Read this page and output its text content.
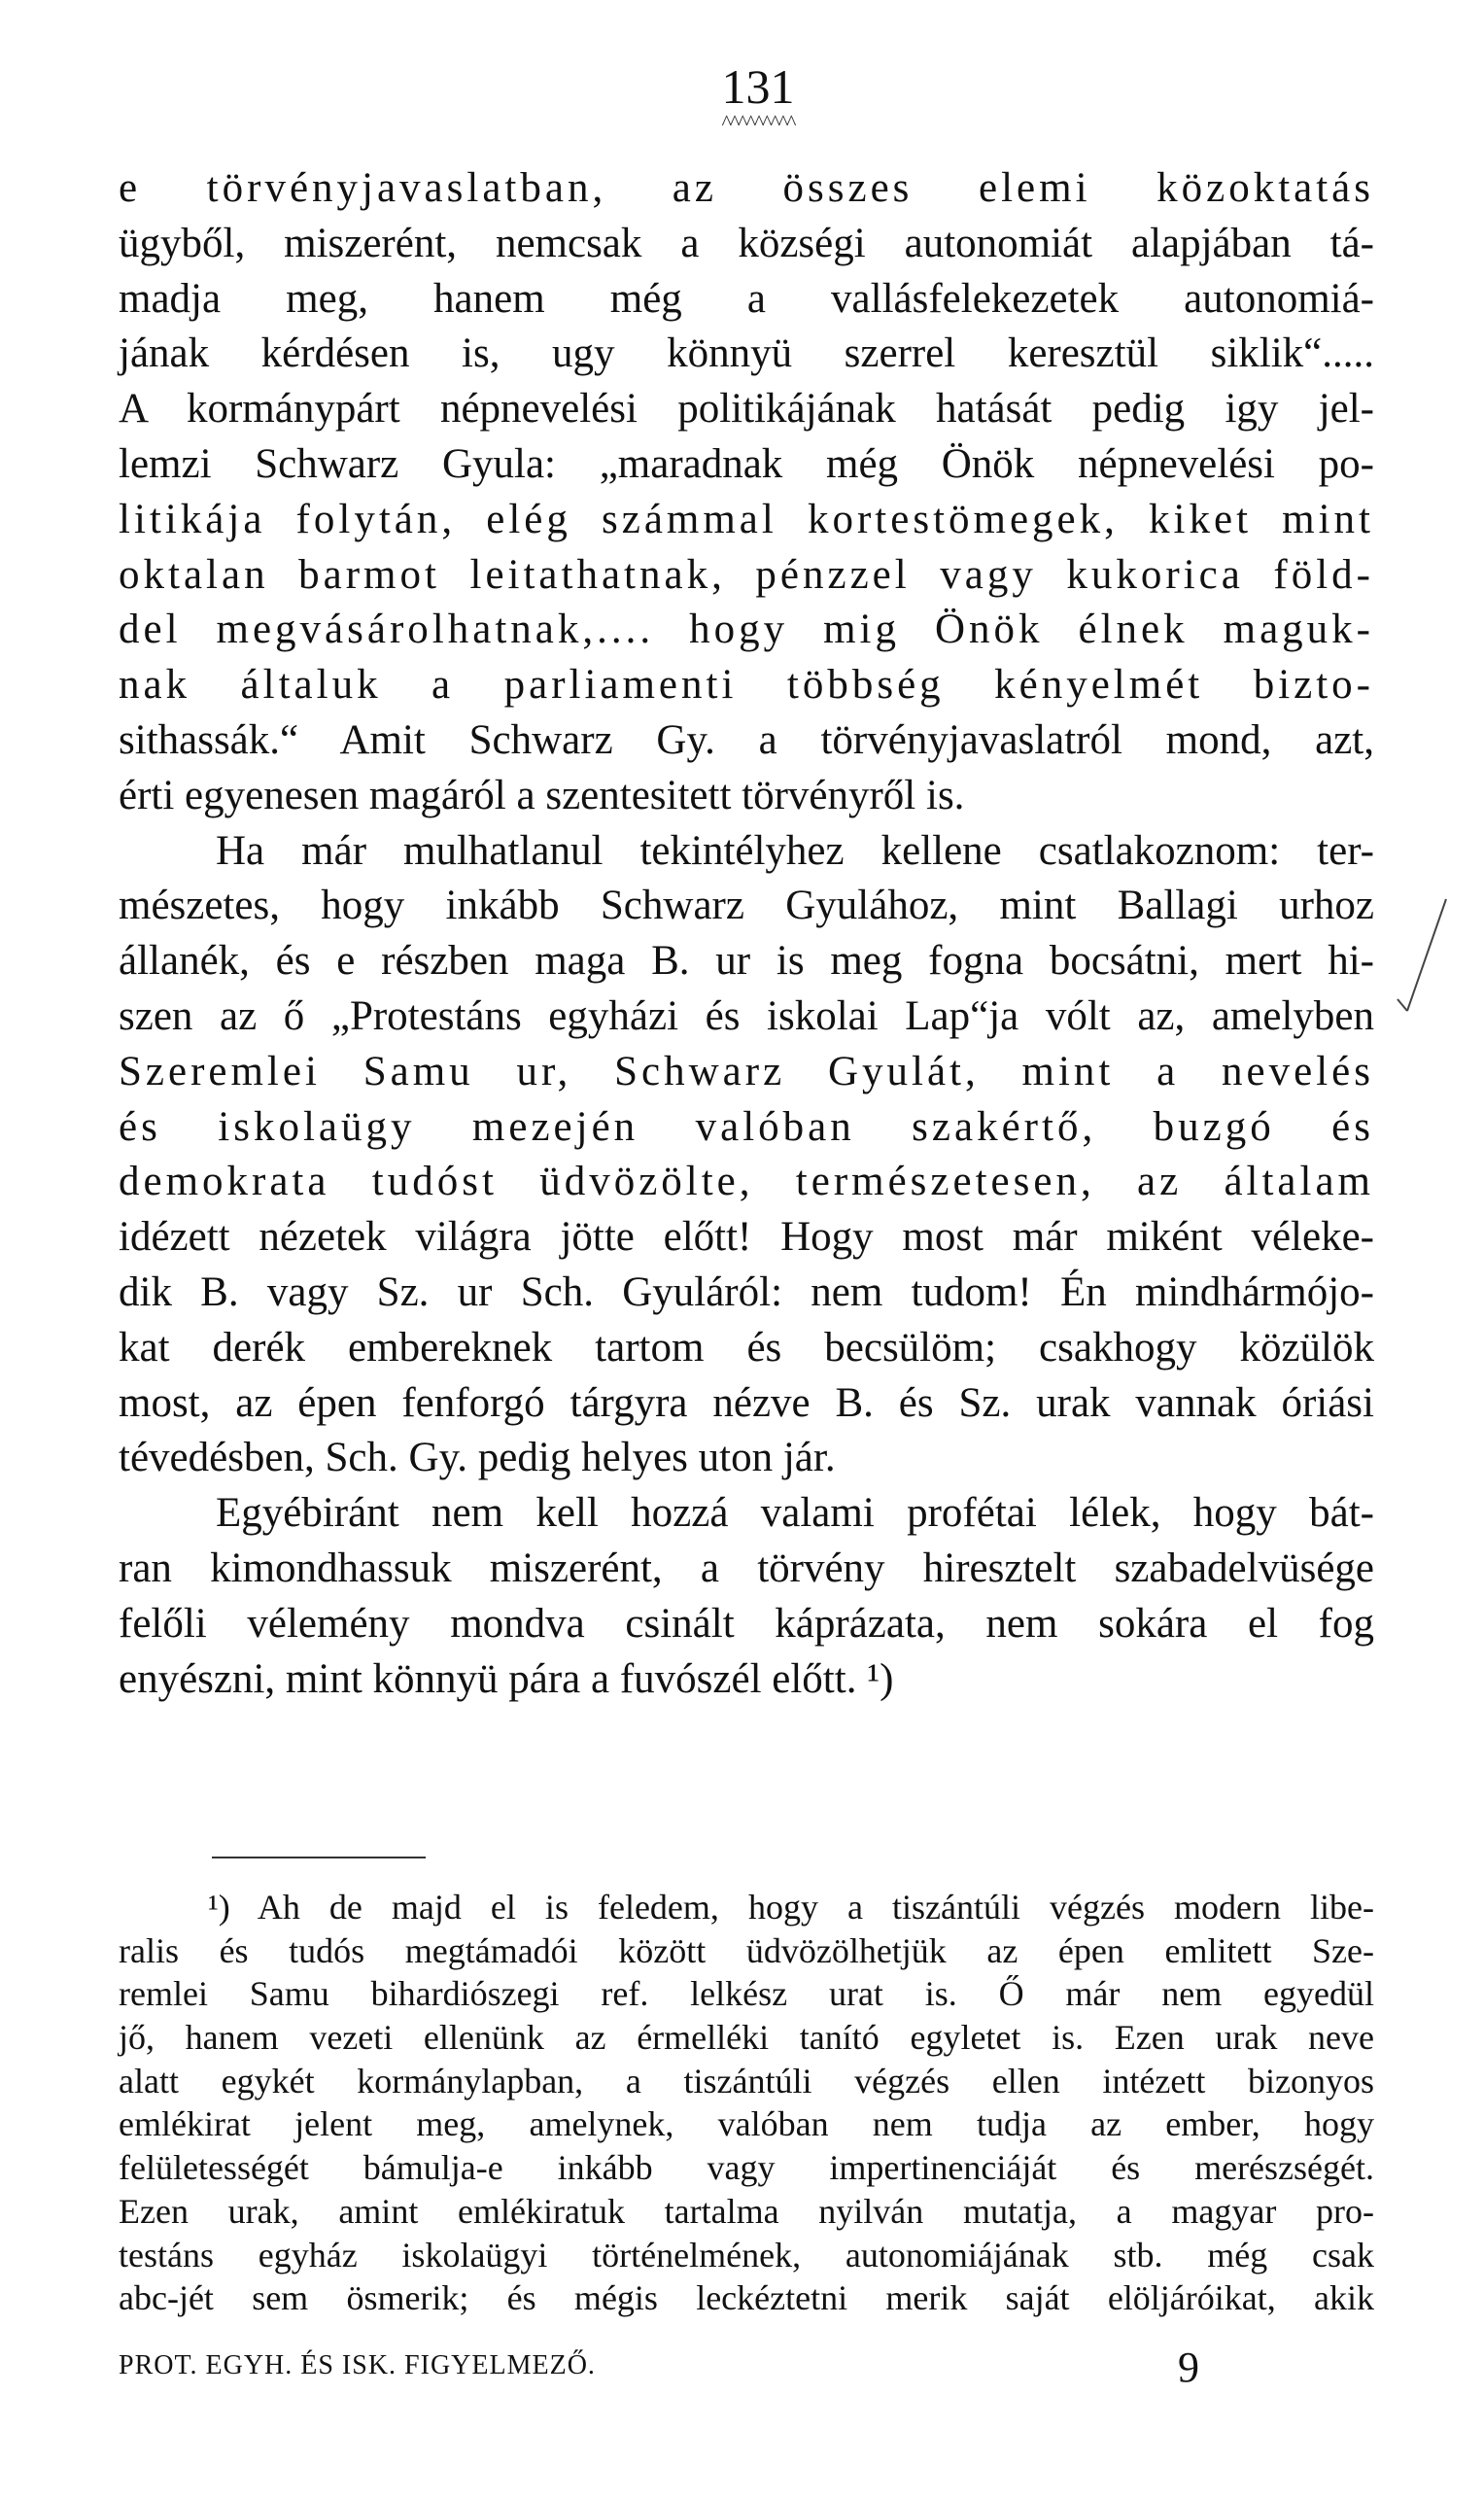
131
^^^^^^^^^
e törvényjavaslatban, az összes elemi közoktatás
ügyből, miszerént, nemcsak a községi autonomiát alapjában tá-
madja meg, hanem még a vallásfelekezetek autonomiá-
jának kérdésen is, ugy könnyü szerrel keresztül siklik“.....
A kormánypárt népnevelési politikájának hatását pedig igy jel-
lemzi Schwarz Gyula: „maradnak még Önök népnevelési po-
litikája folytán, elég számmal kortestömegek, kiket mint
oktalan barmot leitathatnak, pénzzel vagy kukorica föld-
del megvásárolhatnak,.... hogy mig Önök élnek maguk-
nak általuk a parliamenti többség kényelmét bizto-
sithassák.“ Amit Schwarz Gy. a törvényjavaslatról mond, azt,
érti egyenesen magáról a szentesitett törvényről is.
Ha már mulhatlanul tekintélyhez kellene csatlakoznom: ter-
mészetes, hogy inkább Schwarz Gyulához, mint Ballagi urhoz
állanék, és e részben maga B. ur is meg fogna bocsátni, mert hi-
szen az ő „Protestáns egyházi és iskolai Lap“ja vólt az, amelyben
Szeremlei Samu ur, Schwarz Gyulát, mint a nevelés
és iskolaügy mezején valóban szakértő, buzgó és
demokrata tudóst üdvözölte, természetesen, az általam
idézett nézetek világra jötte előtt! Hogy most már miként véleke-
dik B. vagy Sz. ur Sch. Gyuláról: nem tudom! Én mindhármójo-
kat derék embereknek tartom és becsülöm; csakhogy közülök
most, az épen fenforgó tárgyra nézve B. és Sz. urak vannak óriási
tévedésben, Sch. Gy. pedig helyes uton jár.
Egyébiránt nem kell hozzá valami profétai lélek, hogy bát-
ran kimondhassuk miszerént, a törvény hiresztelt szabadelvüsége
felőli vélemény mondva csinált káprázata, nem sokára el fog
enyészni, mint könnyü pára a fuvószél előtt. ¹)
¹) Ah de majd el is feledem, hogy a tiszántúli végzés modern libe-
ralis és tudós megtámadói között üdvözölhetjük az épen emlitett Sze-
remlei Samu bihardiószegi ref. lelkész urat is. Ő már nem egyedül
jő, hanem vezeti ellenünk az érmelléki tanító egyletet is. Ezen urak neve
alatt egykét kormánylapban, a tiszántúli végzés ellen intézett bizonyos
emlékirat jelent meg, amelynek, valóban nem tudja az ember, hogy
felületességét bámulja-e inkább vagy impertinenciáját és merészségét.
Ezen urak, amint emlékiratuk tartalma nyilván mutatja, a magyar pro-
testáns egyház iskolaügyi történelmének, autonomiájának stb. még csak
abc-jét sem ösmerik; és mégis leckéztetni merik saját elöljáróikat, akik
PROT. EGYH. ÉS ISK. FIGYELMEZŐ.	9
